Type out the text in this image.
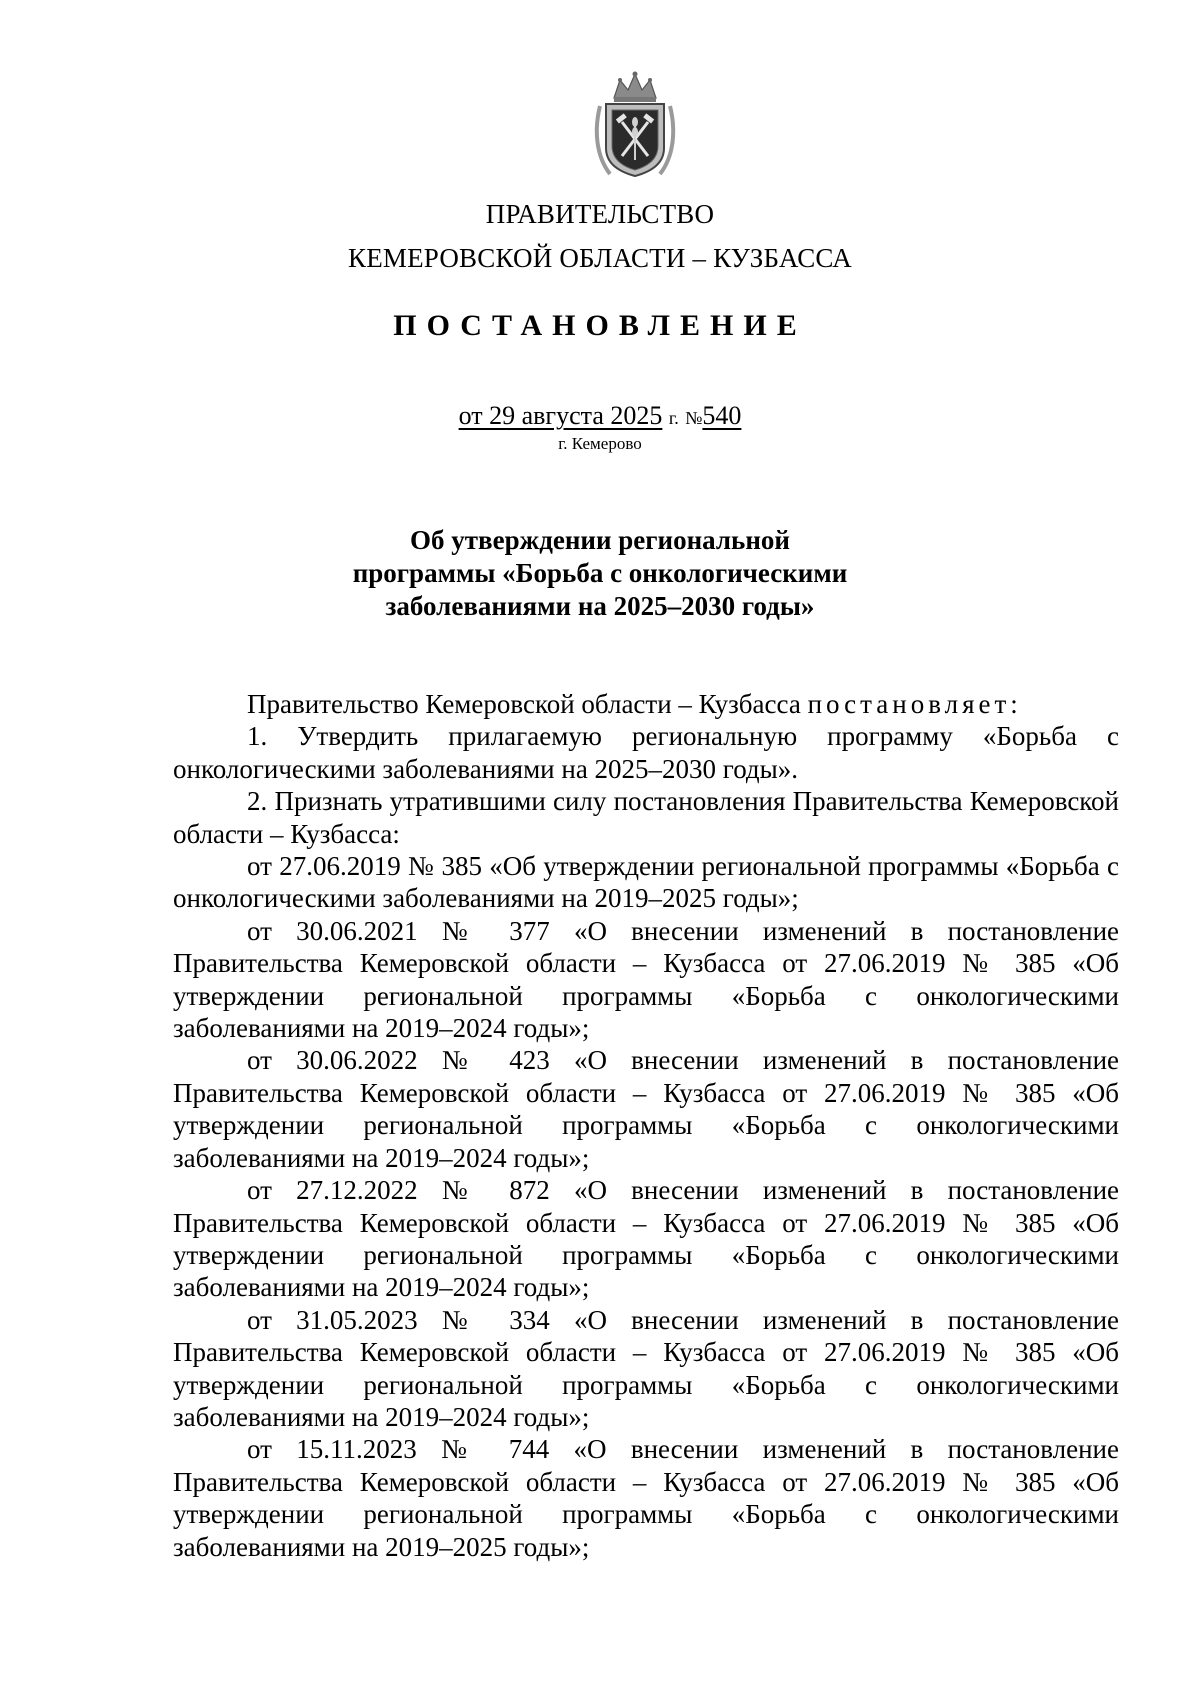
ПРАВИТЕЛЬСТВО
КЕМЕРОВСКОЙ ОБЛАСТИ – КУЗБАССА
ПОСТАНОВЛЕНИЕ
от 29 августа 2025 г. №540
г. Кемерово
Об утверждении региональной
программы «Борьба с онкологическими
заболеваниями на 2025–2030 годы»

Правительство Кемеровской области – Кузбасса постановляет:

1. Утвердить прилагаемую региональную программу «Борьба с онкологическими заболеваниями на 2025–2030 годы».

2. Признать утратившими силу постановления Правительства Кемеровской области – Кузбасса:

от 27.06.2019 № 385 «Об утверждении региональной программы «Борьба с онкологическими заболеваниями на 2019–2025 годы»;

от 30.06.2021 № 377 «О внесении изменений в постановление Правительства Кемеровской области – Кузбасса от 27.06.2019 № 385 «Об утверждении региональной программы «Борьба с онкологическими заболеваниями на 2019–2024 годы»;

от 30.06.2022 № 423 «О внесении изменений в постановление Правительства Кемеровской области – Кузбасса от 27.06.2019 № 385 «Об утверждении региональной программы «Борьба с онкологическими заболеваниями на 2019–2024 годы»;

от 27.12.2022 № 872 «О внесении изменений в постановление Правительства Кемеровской области – Кузбасса от 27.06.2019 № 385 «Об утверждении региональной программы «Борьба с онкологическими заболеваниями на 2019–2024 годы»;

от 31.05.2023 № 334 «О внесении изменений в постановление Правительства Кемеровской области – Кузбасса от 27.06.2019 № 385 «Об утверждении региональной программы «Борьба с онкологическими заболеваниями на 2019–2024 годы»;

от 15.11.2023 № 744 «О внесении изменений в постановление Правительства Кемеровской области – Кузбасса от 27.06.2019 № 385 «Об утверждении региональной программы «Борьба с онкологическими заболеваниями на 2019–2025 годы»;
